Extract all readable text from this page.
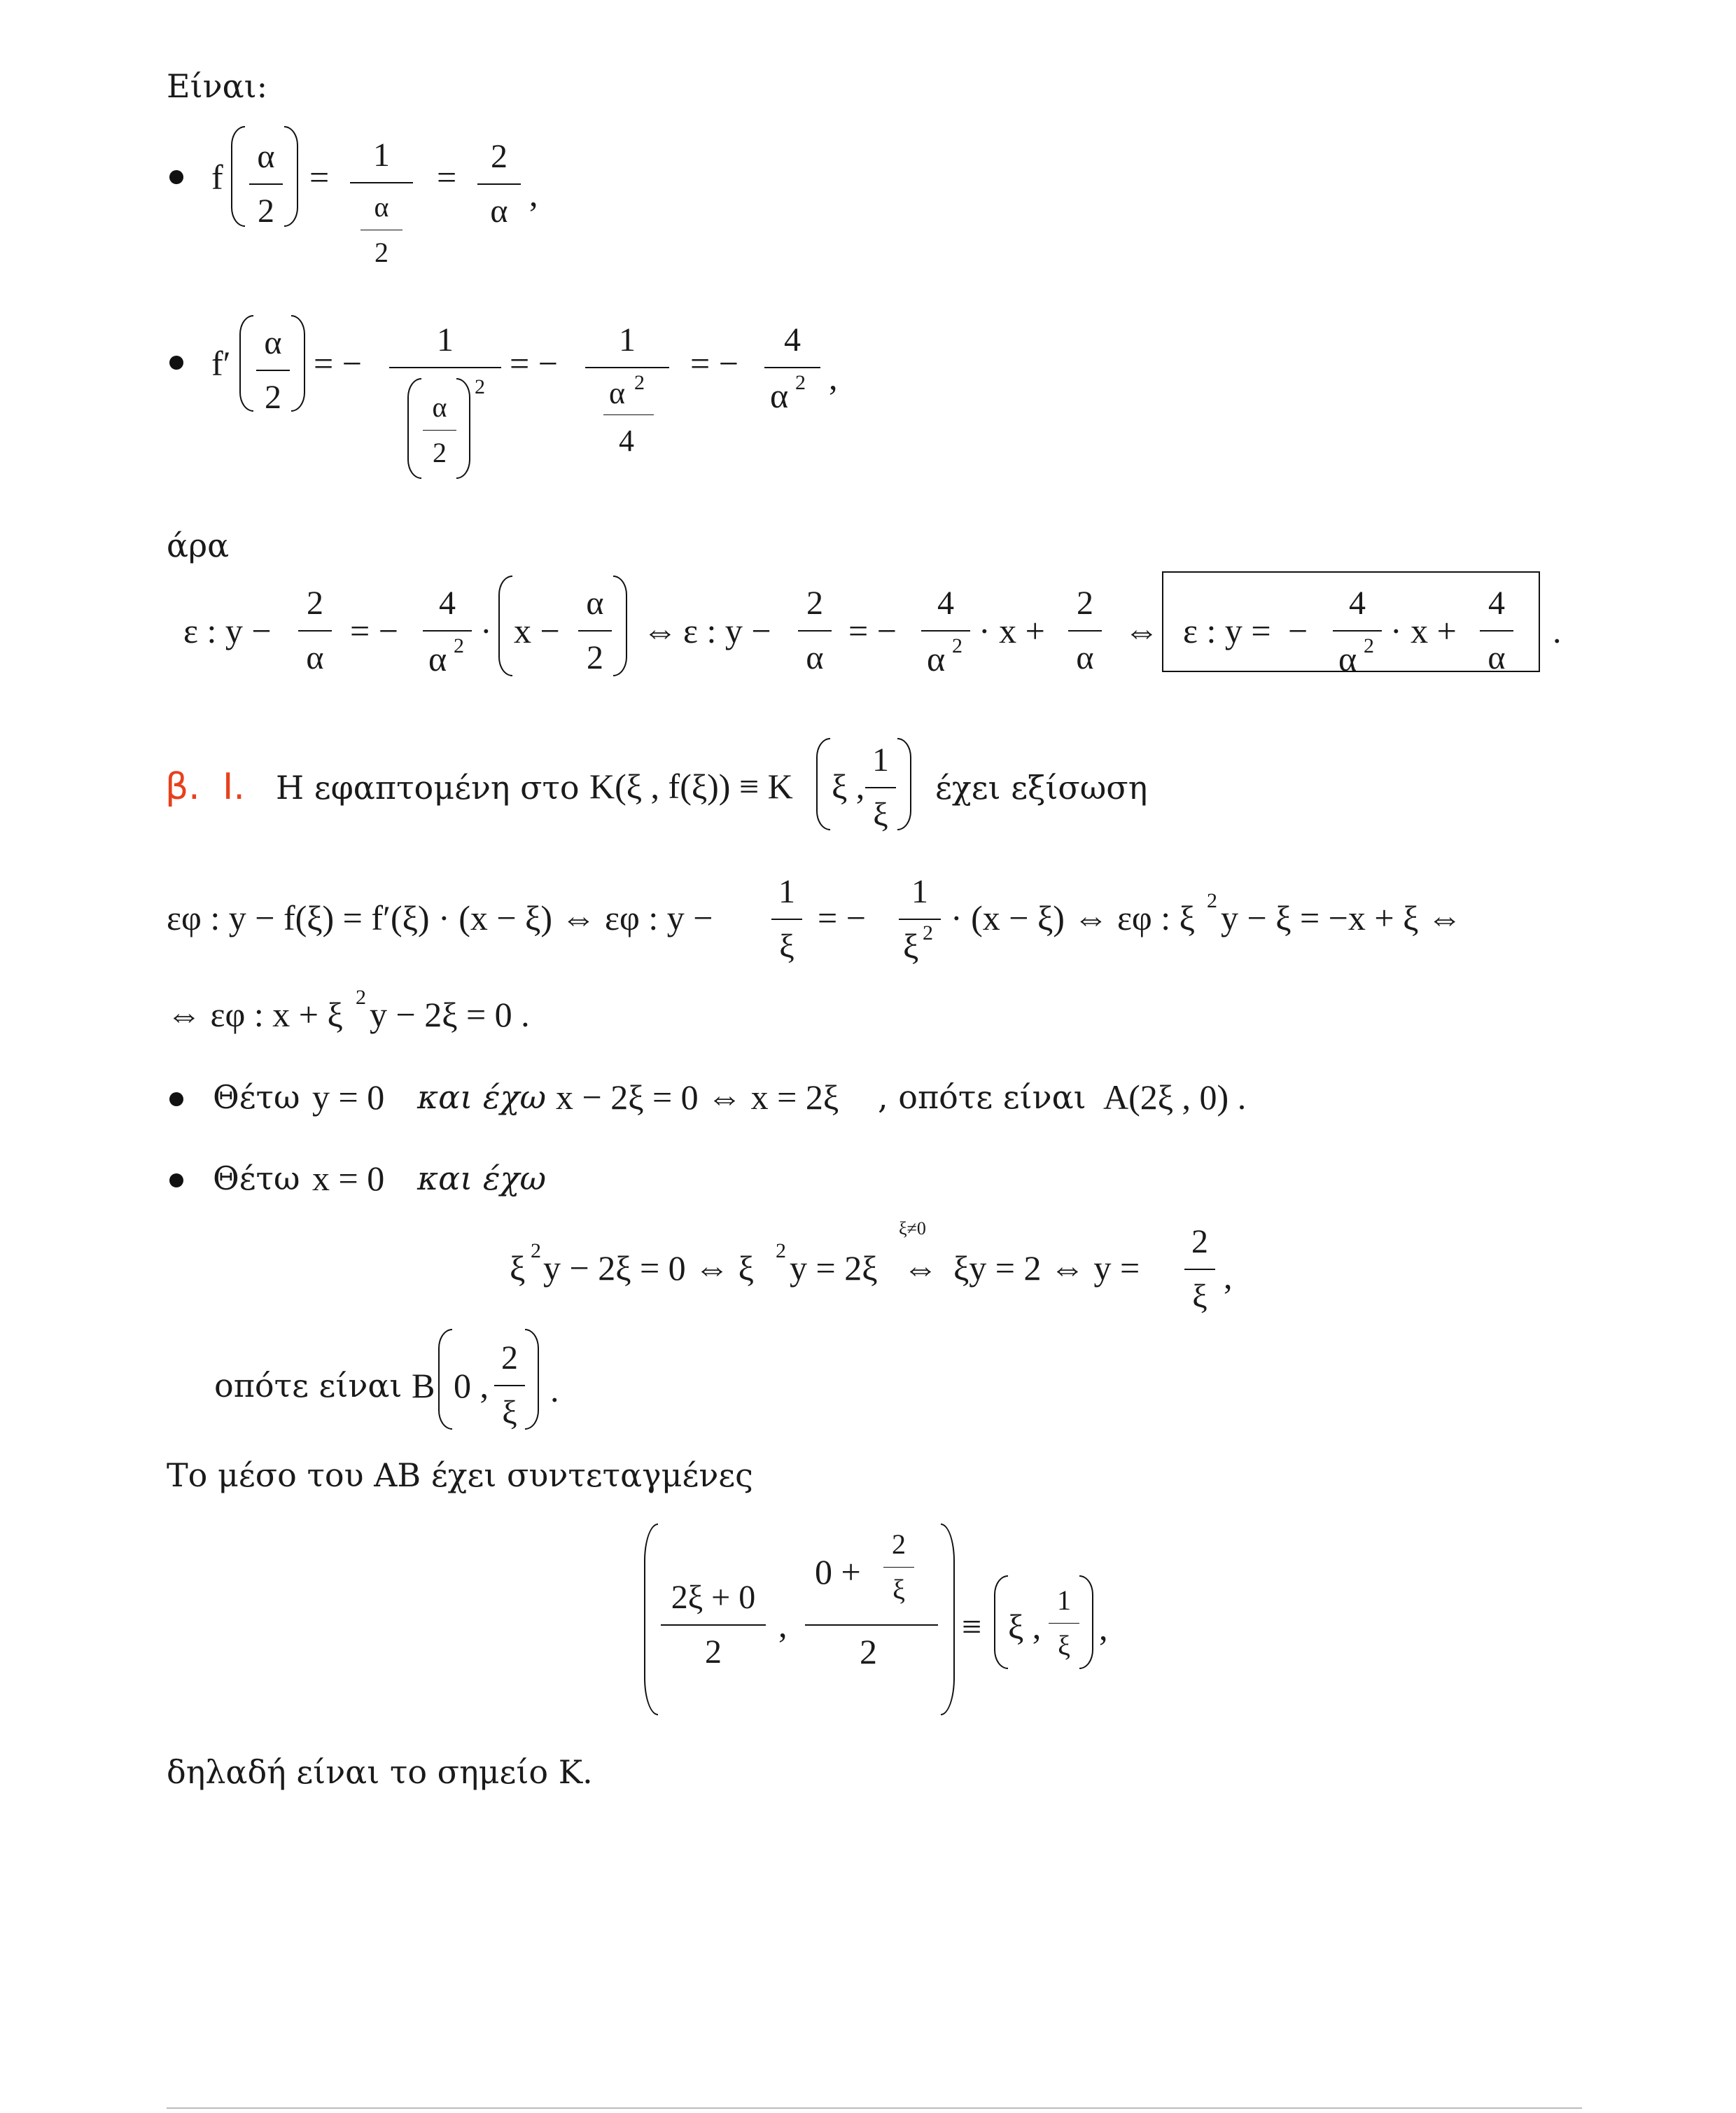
Είναι:
f
α
2
=
1
α
2
=
2
α ,
f′
α
2
= −
1
α
2
2
= −
1
α 2
4
= −
4
α 2 ,
άρα
ε : y −
2
α
= −
4
α 2 · x −
α
2
⇔ ε : y −
2
α
= −
4
α 2 · x +
2
α
⇔ ε : y = −
4
α 2 · x +
4
α
.
β. I. Η εφαπτομένη στο K(ξ , f(ξ)) ≡ K ξ ,
1
ξ
έχει εξίσωση
εφ : y − f(ξ) = f′(ξ) · (x − ξ) ⇔ εφ : y −
1
ξ
= −
1
ξ 2 · (x − ξ) ⇔ εφ : ξ 2 y − ξ = −x + ξ ⇔
⇔ εφ : x + ξ 2 y − 2ξ = 0 .
Θέτω y = 0 και έχω x − 2ξ = 0 ⇔ x = 2ξ , οπότε είναι A(2ξ , 0) .
Θέτω x = 0 και έχω
ξ 2 y − 2ξ = 0 ⇔ ξ 2 y = 2ξ
ξ≠0
⇔ ξy = 2 ⇔ y =
2
ξ
,
οπότε είναι B 0 ,
2
ξ
.
Το μέσο του ΑΒ έχει συντεταγμένες
2ξ + 0
2
,
0 +
2
ξ
2
≡ ξ ,
1
ξ ,
δηλαδή είναι το σημείο Κ.
